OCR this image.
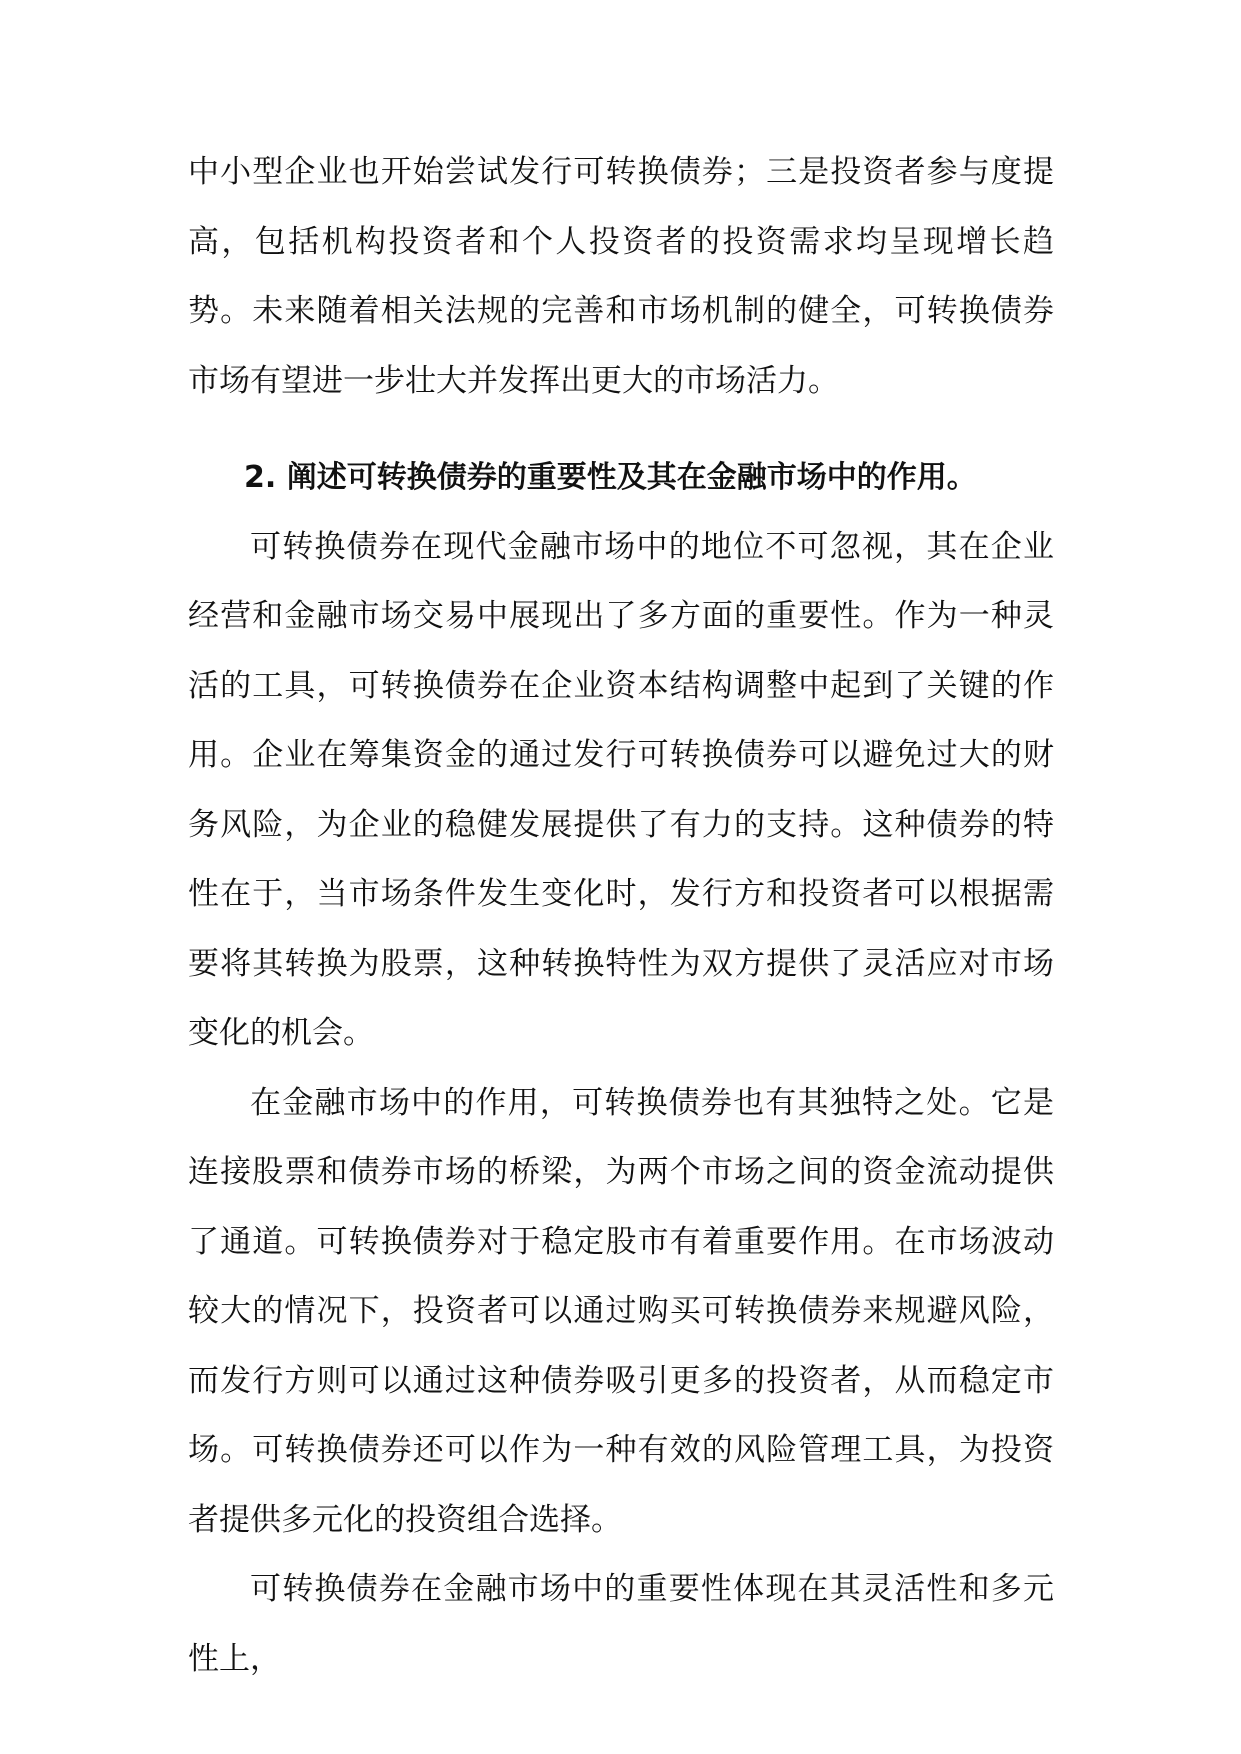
中小型企业也开始尝试发行可转换债券；三是投资者参与度提高，包括机构投资者和个人投资者的投资需求均呈现增长趋势。未来随着相关法规的完善和市场机制的健全，可转换债券市场有望进一步壮大并发挥出更大的市场活力。

2. 阐述可转换债券的重要性及其在金融市场中的作用。

可转换债券在现代金融市场中的地位不可忽视，其在企业经营和金融市场交易中展现出了多方面的重要性。作为一种灵活的工具，可转换债券在企业资本结构调整中起到了关键的作用。企业在筹集资金的通过发行可转换债券可以避免过大的财务风险，为企业的稳健发展提供了有力的支持。这种债券的特性在于，当市场条件发生变化时，发行方和投资者可以根据需要将其转换为股票，这种转换特性为双方提供了灵活应对市场变化的机会。

在金融市场中的作用，可转换债券也有其独特之处。它是连接股票和债券市场的桥梁，为两个市场之间的资金流动提供了通道。可转换债券对于稳定股市有着重要作用。在市场波动较大的情况下，投资者可以通过购买可转换债券来规避风险，而发行方则可以通过这种债券吸引更多的投资者，从而稳定市场。可转换债券还可以作为一种有效的风险管理工具，为投资者提供多元化的投资组合选择。

可转换债券在金融市场中的重要性体现在其灵活性和多元性上，
